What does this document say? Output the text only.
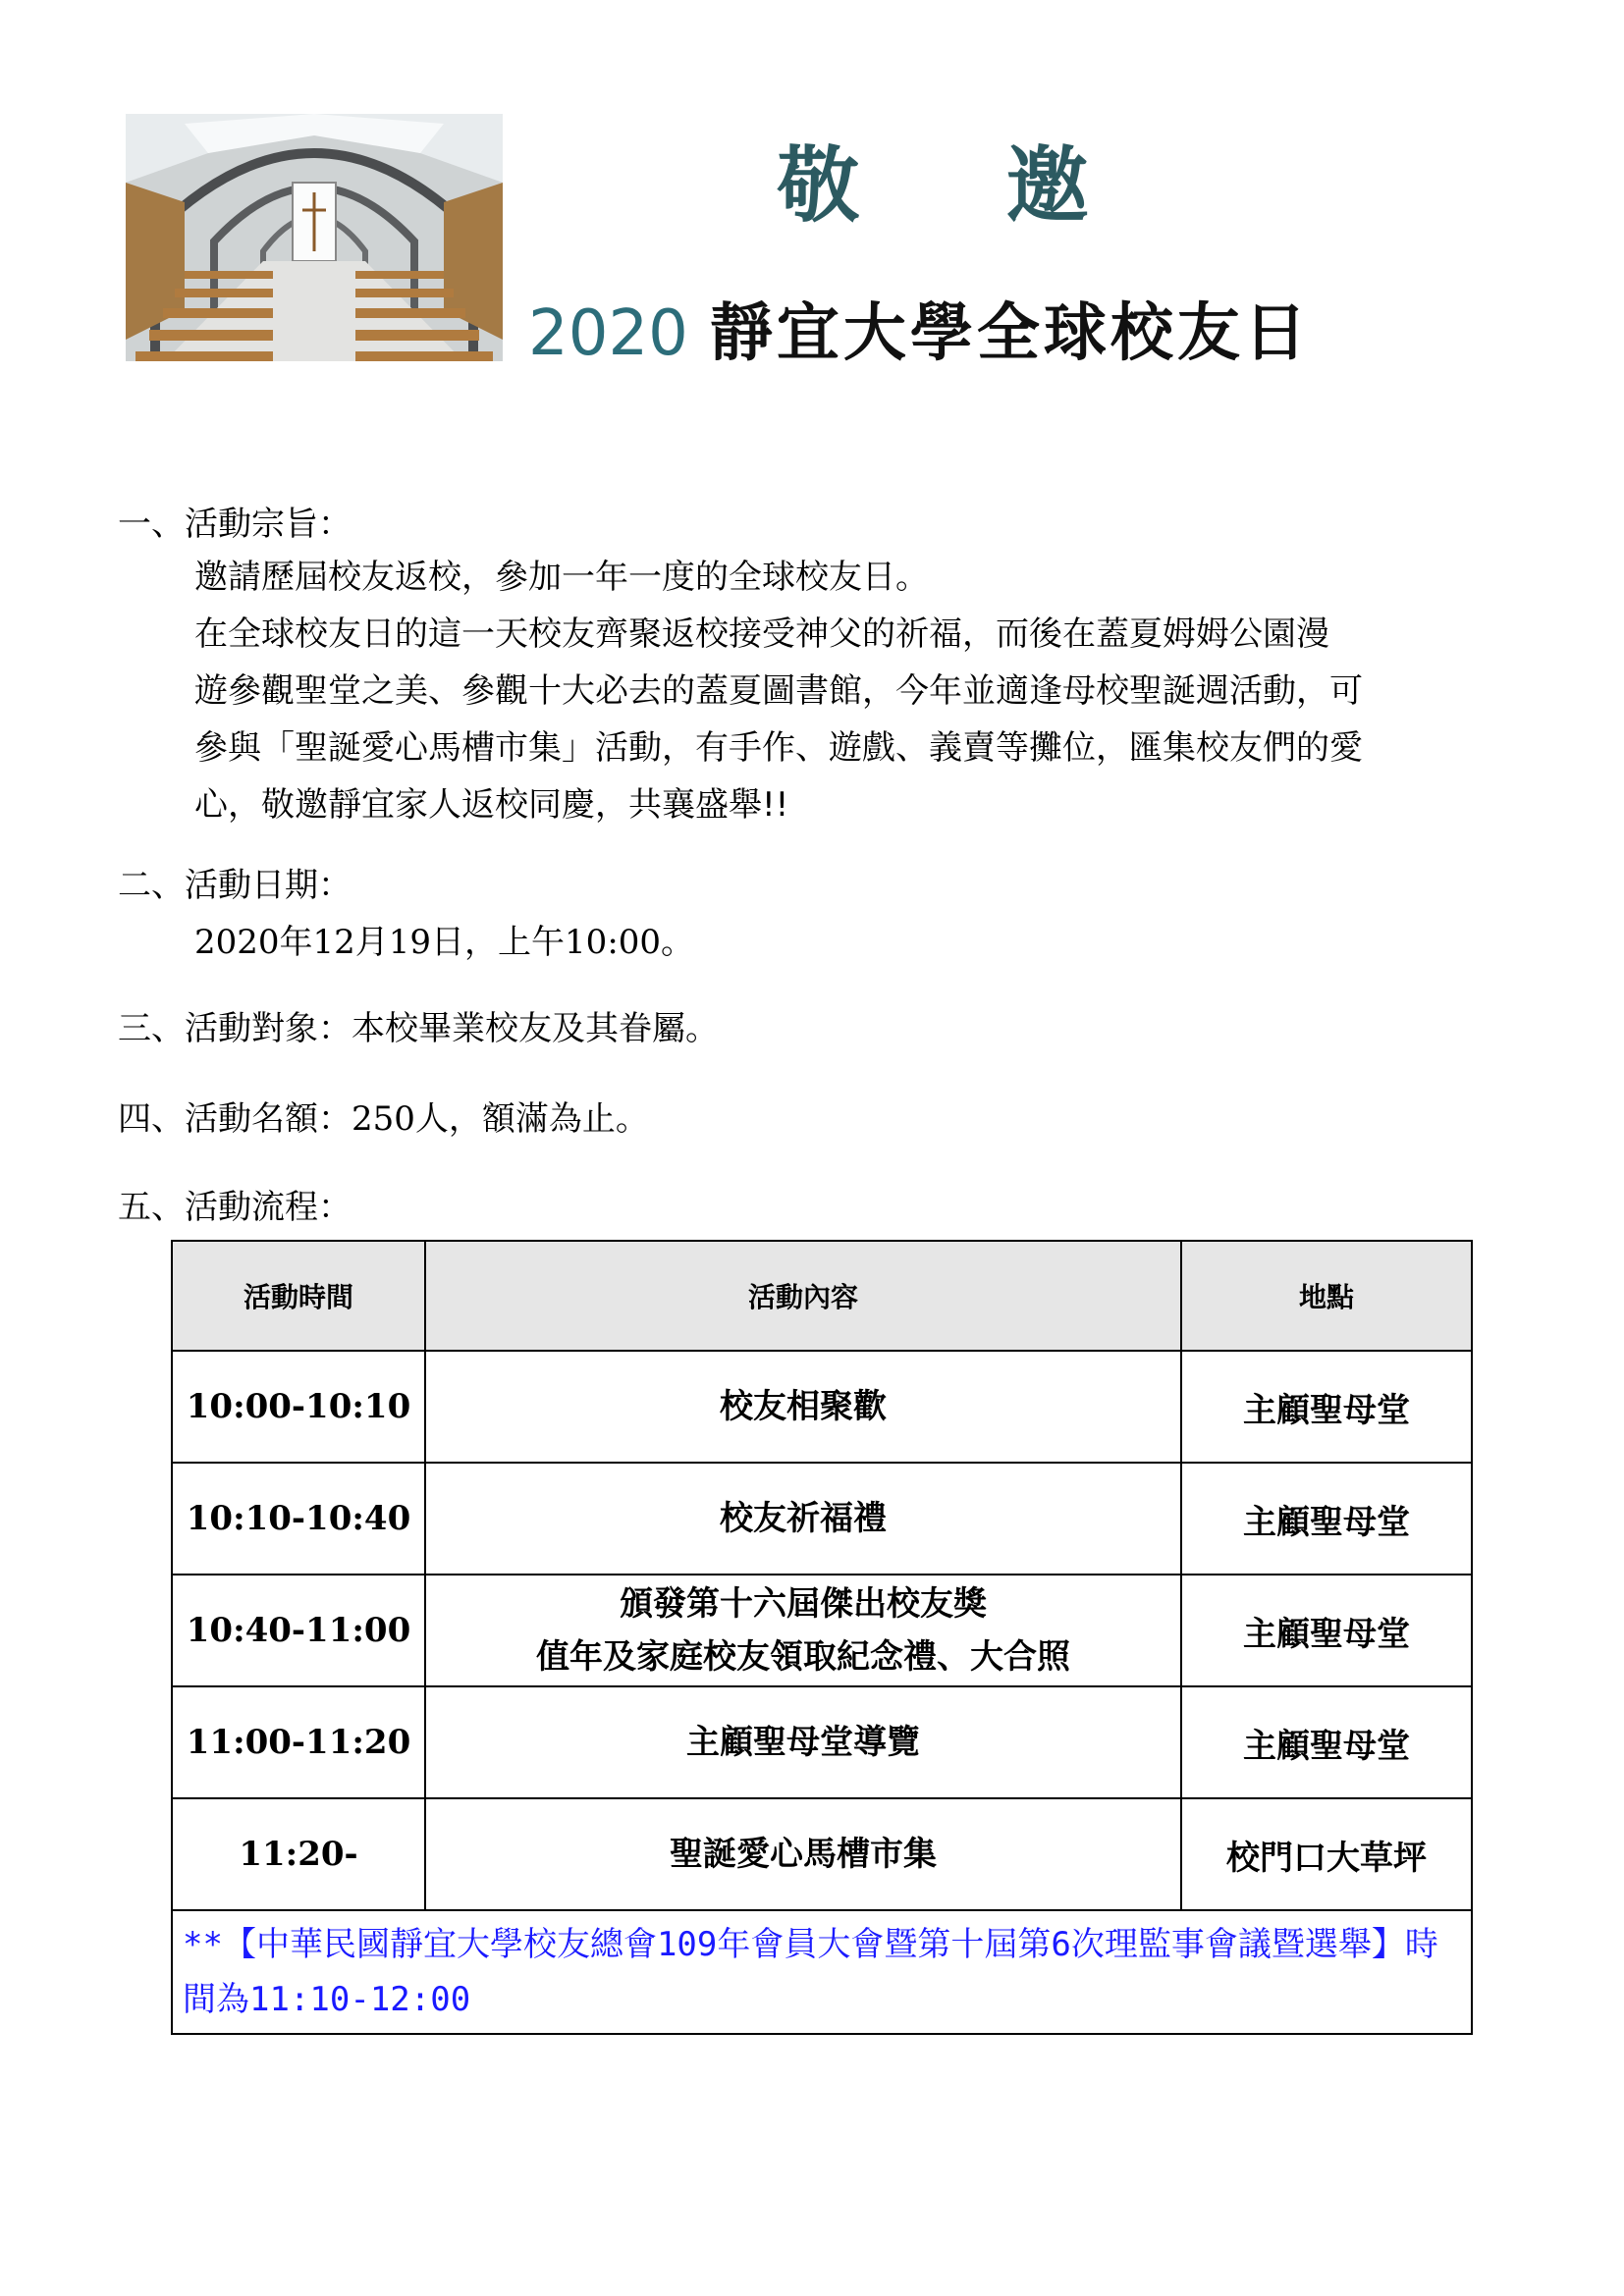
敬 邀
2020 靜宜大學全球校友日
一、活動宗旨：
邀請歷屆校友返校，參加一年一度的全球校友日。
在全球校友日的這一天校友齊聚返校接受神父的祈福，而後在蓋夏姆姆公園漫
遊參觀聖堂之美、參觀十大必去的蓋夏圖書館，今年並適逢母校聖誕週活動，可
參與「聖誕愛心馬槽市集」活動，有手作、遊戲、義賣等攤位，匯集校友們的愛
心，敬邀靜宜家人返校同慶，共襄盛舉!!
二、活動日期：
2020年12月19日，上午10:00。
三、活動對象：本校畢業校友及其眷屬。
四、活動名額：250人，額滿為止。
五、活動流程：
活動時間	活動內容	地點
10:00-10:10	校友相聚歡	主顧聖母堂
10:10-10:40	校友祈福禮	主顧聖母堂
10:40-11:00	頒發第十六屆傑出校友獎
值年及家庭校友領取紀念禮、大合照	主顧聖母堂
11:00-11:20	主顧聖母堂導覽	主顧聖母堂
11:20-	聖誕愛心馬槽市集	校門口大草坪
**【中華民國靜宜大學校友總會109年會員大會暨第十屆第6次理監事會議暨選舉】時間為11:10-12:00		
